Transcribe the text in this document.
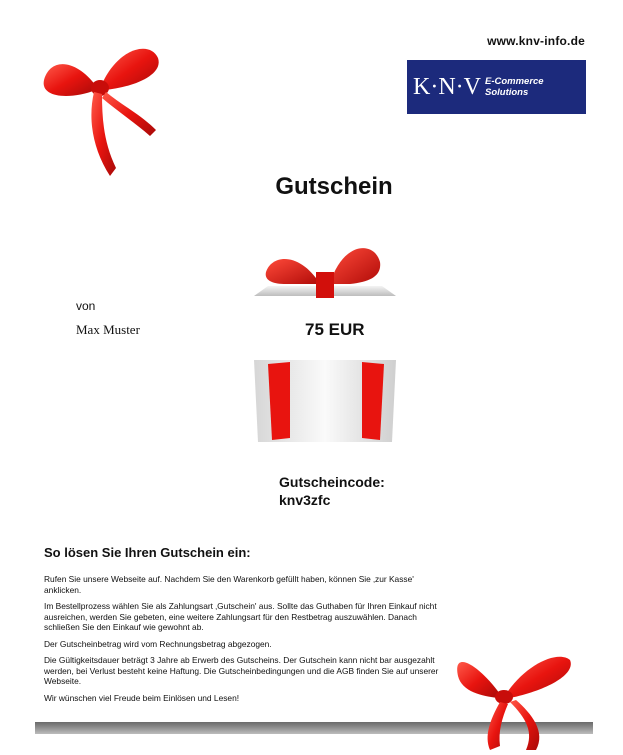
www.knv-info.de
K·N·V E-Commerce Solutions
Gutschein
von
Max Muster	75 EUR
Gutscheincode:
knv3zfc
So lösen Sie Ihren Gutschein ein:

Rufen Sie unsere Webseite auf. Nachdem Sie den Warenkorb gefüllt haben, können Sie ‚zur Kasse' anklicken.

Im Bestellprozess wählen Sie als Zahlungsart ‚Gutschein' aus. Sollte das Guthaben für Ihren Einkauf nicht ausreichen, werden Sie gebeten, eine weitere Zahlungsart für den Restbetrag auszuwählen. Danach schließen Sie den Einkauf wie gewohnt ab.

Der Gutscheinbetrag wird vom Rechnungsbetrag abgezogen.

Die Gültigkeitsdauer beträgt 3 Jahre ab Erwerb des Gutscheins. Der Gutschein kann nicht bar ausgezahlt werden, bei Verlust besteht keine Haftung. Die Gutscheinbedingungen und die AGB finden Sie auf unserer Webseite.

Wir wünschen viel Freude beim Einlösen und Lesen!
